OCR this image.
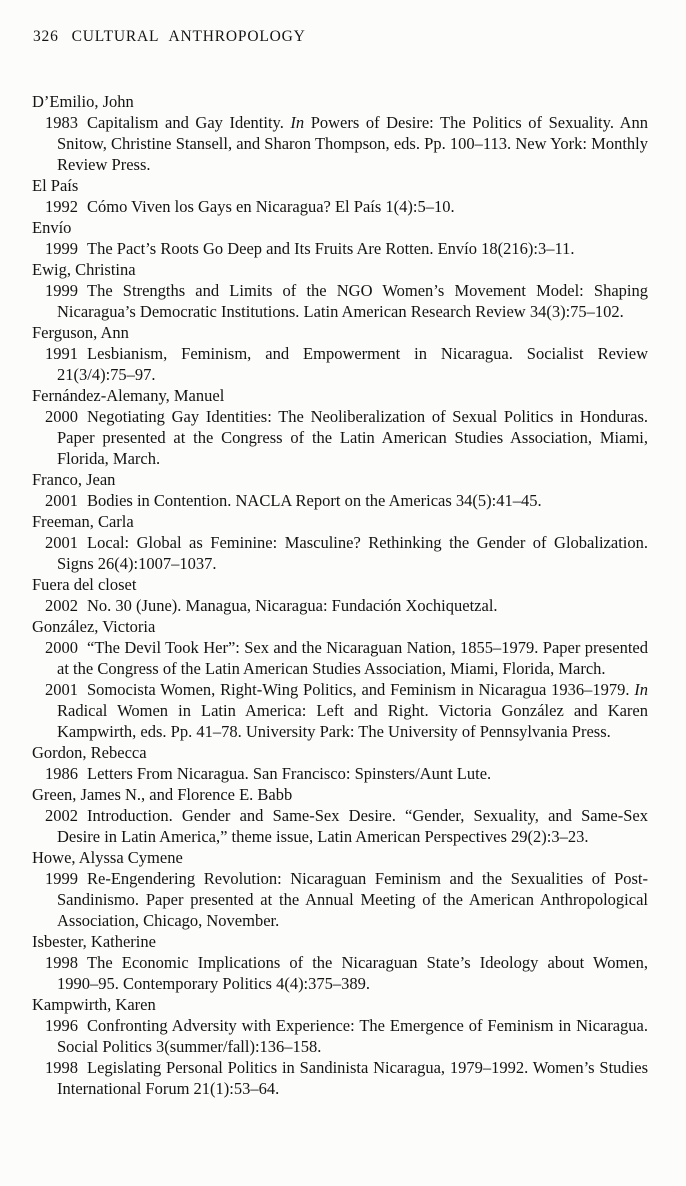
326 CULTURAL ANTHROPOLOGY
D’Emilio, John
1983 Capitalism and Gay Identity. In Powers of Desire: The Politics of Sexuality. Ann Snitow, Christine Stansell, and Sharon Thompson, eds. Pp. 100–113. New York: Monthly Review Press.
El País
1992 Cómo Viven los Gays en Nicaragua? El País 1(4):5–10.
Envío
1999 The Pact’s Roots Go Deep and Its Fruits Are Rotten. Envío 18(216):3–11.
Ewig, Christina
1999 The Strengths and Limits of the NGO Women’s Movement Model: Shaping Nicaragua’s Democratic Institutions. Latin American Research Review 34(3):75–102.
Ferguson, Ann
1991 Lesbianism, Feminism, and Empowerment in Nicaragua. Socialist Review 21(3/4):75–97.
Fernández-Alemany, Manuel
2000 Negotiating Gay Identities: The Neoliberalization of Sexual Politics in Honduras. Paper presented at the Congress of the Latin American Studies Association, Miami, Florida, March.
Franco, Jean
2001 Bodies in Contention. NACLA Report on the Americas 34(5):41–45.
Freeman, Carla
2001 Local: Global as Feminine: Masculine? Rethinking the Gender of Globalization. Signs 26(4):1007–1037.
Fuera del closet
2002 No. 30 (June). Managua, Nicaragua: Fundación Xochiquetzal.
González, Victoria
2000 “The Devil Took Her”: Sex and the Nicaraguan Nation, 1855–1979. Paper presented at the Congress of the Latin American Studies Association, Miami, Florida, March.
2001 Somocista Women, Right-Wing Politics, and Feminism in Nicaragua 1936–1979. In Radical Women in Latin America: Left and Right. Victoria González and Karen Kampwirth, eds. Pp. 41–78. University Park: The University of Pennsylvania Press.
Gordon, Rebecca
1986 Letters From Nicaragua. San Francisco: Spinsters/Aunt Lute.
Green, James N., and Florence E. Babb
2002 Introduction. Gender and Same-Sex Desire. “Gender, Sexuality, and Same-Sex Desire in Latin America,” theme issue, Latin American Perspectives 29(2):3–23.
Howe, Alyssa Cymene
1999 Re-Engendering Revolution: Nicaraguan Feminism and the Sexualities of Post-Sandinismo. Paper presented at the Annual Meeting of the American Anthropological Association, Chicago, November.
Isbester, Katherine
1998 The Economic Implications of the Nicaraguan State’s Ideology about Women, 1990–95. Contemporary Politics 4(4):375–389.
Kampwirth, Karen
1996 Confronting Adversity with Experience: The Emergence of Feminism in Nicaragua. Social Politics 3(summer/fall):136–158.
1998 Legislating Personal Politics in Sandinista Nicaragua, 1979–1992. Women’s Studies International Forum 21(1):53–64.
